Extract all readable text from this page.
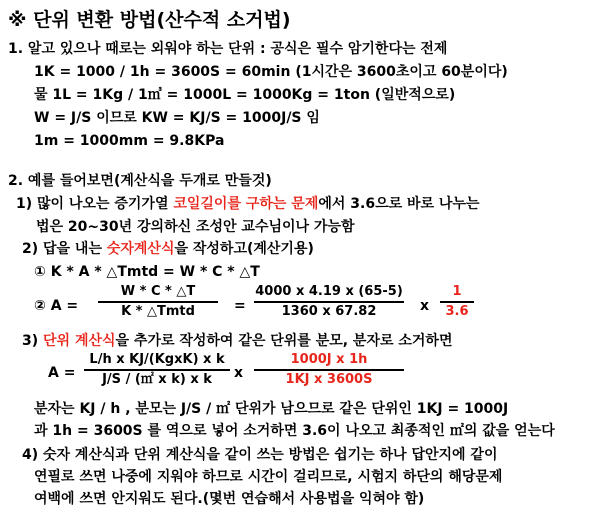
※ 단위 변환 방법(산수적 소거법)
1. 알고 있으나 때로는 외워야 하는 단위 : 공식은 필수 암기한다는 전제
1K = 1000 / 1h = 3600S = 60min (1시간은 3600초이고 60분이다)
물 1L = 1Kg / 1㎥ = 1000L = 1000Kg = 1ton (일반적으로)
W = J/S 이므로 KW = KJ/S = 1000J/S 임
1m = 1000mm = 9.8KPa
2. 예를 들어보면(계산식을 두개로 만들것)
1) 많이 나오는 증기가열 코일길이를 구하는 문제에서 3.6으로 바로 나누는
법은 20~30년 강의하신 조성안 교수님이나 가능함
2) 답을 내는 숫자계산식을 작성하고(계산기용)
① K * A * △Tmtd = W * C * △T
② A =
W * C * △T
K * △Tmtd	=
4000 x 4.19 x (65-5)
1360 x 67.82	x
1
3.6
3) 단위 계산식을 추가로 작성하여 같은 단위를 분모, 분자로 소거하면
A =
L/h x KJ/(KgxK) x k
J/S / (㎡ x k) x k	x
1000J x 1h
1KJ x 3600S
분자는 KJ / h , 분모는 J/S / ㎡ 단위가 남으므로 같은 단위인 1KJ = 1000J
과 1h = 3600S 를 역으로 넣어 소거하면 3.6이 나오고 최종적인 ㎡의 값을 얻는다
4) 숫자 계산식과 단위 계산식을 같이 쓰는 방법은 쉽기는 하나 답안지에 같이
연필로 쓰면 나중에 지워야 하므로 시간이 걸리므로, 시험지 하단의 해당문제
여백에 쓰면 안지워도 된다.(몇번 연습해서 사용법을 익혀야 함)
